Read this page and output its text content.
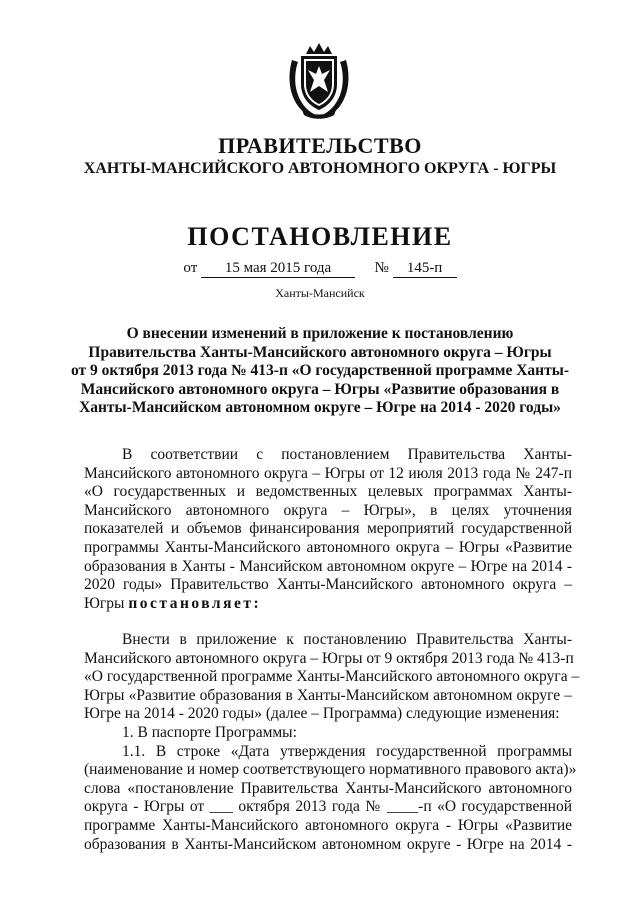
ПРАВИТЕЛЬСТВО
ХАНТЫ-МАНСИЙСКОГО АВТОНОМНОГО ОКРУГА - ЮГРЫ
ПОСТАНОВЛЕНИЕ
от 15 мая 2015 года	№ 145-п
Ханты-Мансийск
О внесении изменений в приложение к постановлению
Правительства Ханты-Мансийского автономного округа – Югры
от 9 октября 2013 года № 413-п «О государственной программе Ханты-
Мансийского автономного округа – Югры «Развитие образования в
Ханты-Мансийском автономном округе – Югре на 2014 - 2020 годы»
В соответствии с постановлением Правительства Ханты-
Мансийского автономного округа – Югры от 12 июля 2013 года № 247-п
«О государственных и ведомственных целевых программах Ханты-
Мансийского автономного округа – Югры», в целях уточнения
показателей и объемов финансирования мероприятий государственной
программы Ханты-Мансийского автономного округа – Югры «Развитие
образования в Ханты - Мансийском автономном округе – Югре на 2014 -
2020 годы» Правительство Ханты-Мансийского автономного округа –
Югры постановляет:
Внести в приложение к постановлению Правительства Ханты-
Мансийского автономного округа – Югры от 9 октября 2013 года № 413-п
«О государственной программе Ханты-Мансийского автономного округа –
Югры «Развитие образования в Ханты-Мансийском автономном округе –
Югре на 2014 - 2020 годы» (далее – Программа) следующие изменения:
1. В паспорте Программы:
1.1. В строке «Дата утверждения государственной программы
(наименование и номер соответствующего нормативного правового акта)»
слова «постановление Правительства Ханты-Мансийского автономного
округа - Югры от ___ октября 2013 года № ____-п «О государственной
программе Ханты-Мансийского автономного округа - Югры «Развитие
образования в Ханты-Мансийском автономном округе - Югре на 2014 -
